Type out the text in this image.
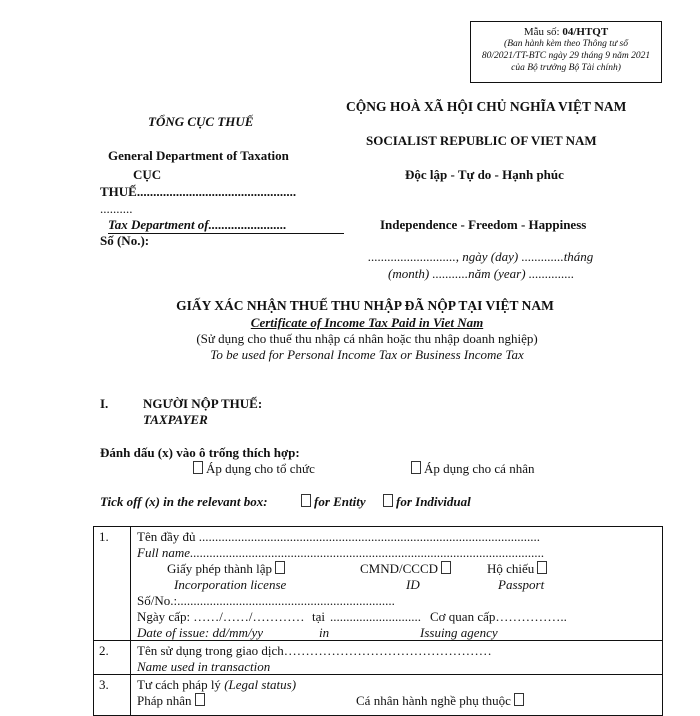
Mẫu số: 04/HTQT
(Ban hành kèm theo Thông tư số 80/2021/TT-BTC ngày 29 tháng 9 năm 2021 của Bộ trưởng Bộ Tài chính)
TỔNG CỤC THUẾ
General Department of Taxation
CỤC
THUẾ.................................................
..........
Tax Department of........................
Số (No.):
CỘNG HOÀ XÃ HỘI CHỦ NGHĨA VIỆT NAM
SOCIALIST REPUBLIC OF VIET NAM
Độc lập - Tự do - Hạnh phúc
Independence - Freedom - Happiness
..........................., ngày (day) .............tháng
(month) ...........năm (year) ..............
GIẤY XÁC NHẬN THUẾ THU NHẬP ĐÃ NỘP TẠI VIỆT NAM
Certificate of Income Tax Paid in Viet Nam
(Sử dụng cho thuế thu nhập cá nhân hoặc thu nhập doanh nghiệp)
To be used for Personal Income Tax or Business Income Tax
I.	NGƯỜI NỘP THUẾ:
TAXPAYER
Đánh dấu (x) vào ô trống thích hợp:
Áp dụng cho tổ chức	Áp dụng cho cá nhân
Tick off (x) in the relevant box:	for Entity	for Individual
1. Tên đầy đủ .........................................................................................................
Full name.............................................................................................................
Giấy phép thành lập	CMND/CCCD	Hộ chiếu
Incorporation license	ID	Passport
Số/No.:...................................................................
Ngày cấp: ……/……/………… tại ............................ Cơ quan cấp……………..
Date of issue: dd/mm/yy	in	Issuing agency
2. Tên sử dụng trong giao dịch…………………………………………
Name used in transaction
3. Tư cách pháp lý (Legal status)
Pháp nhân	Cá nhân hành nghề phụ thuộc
